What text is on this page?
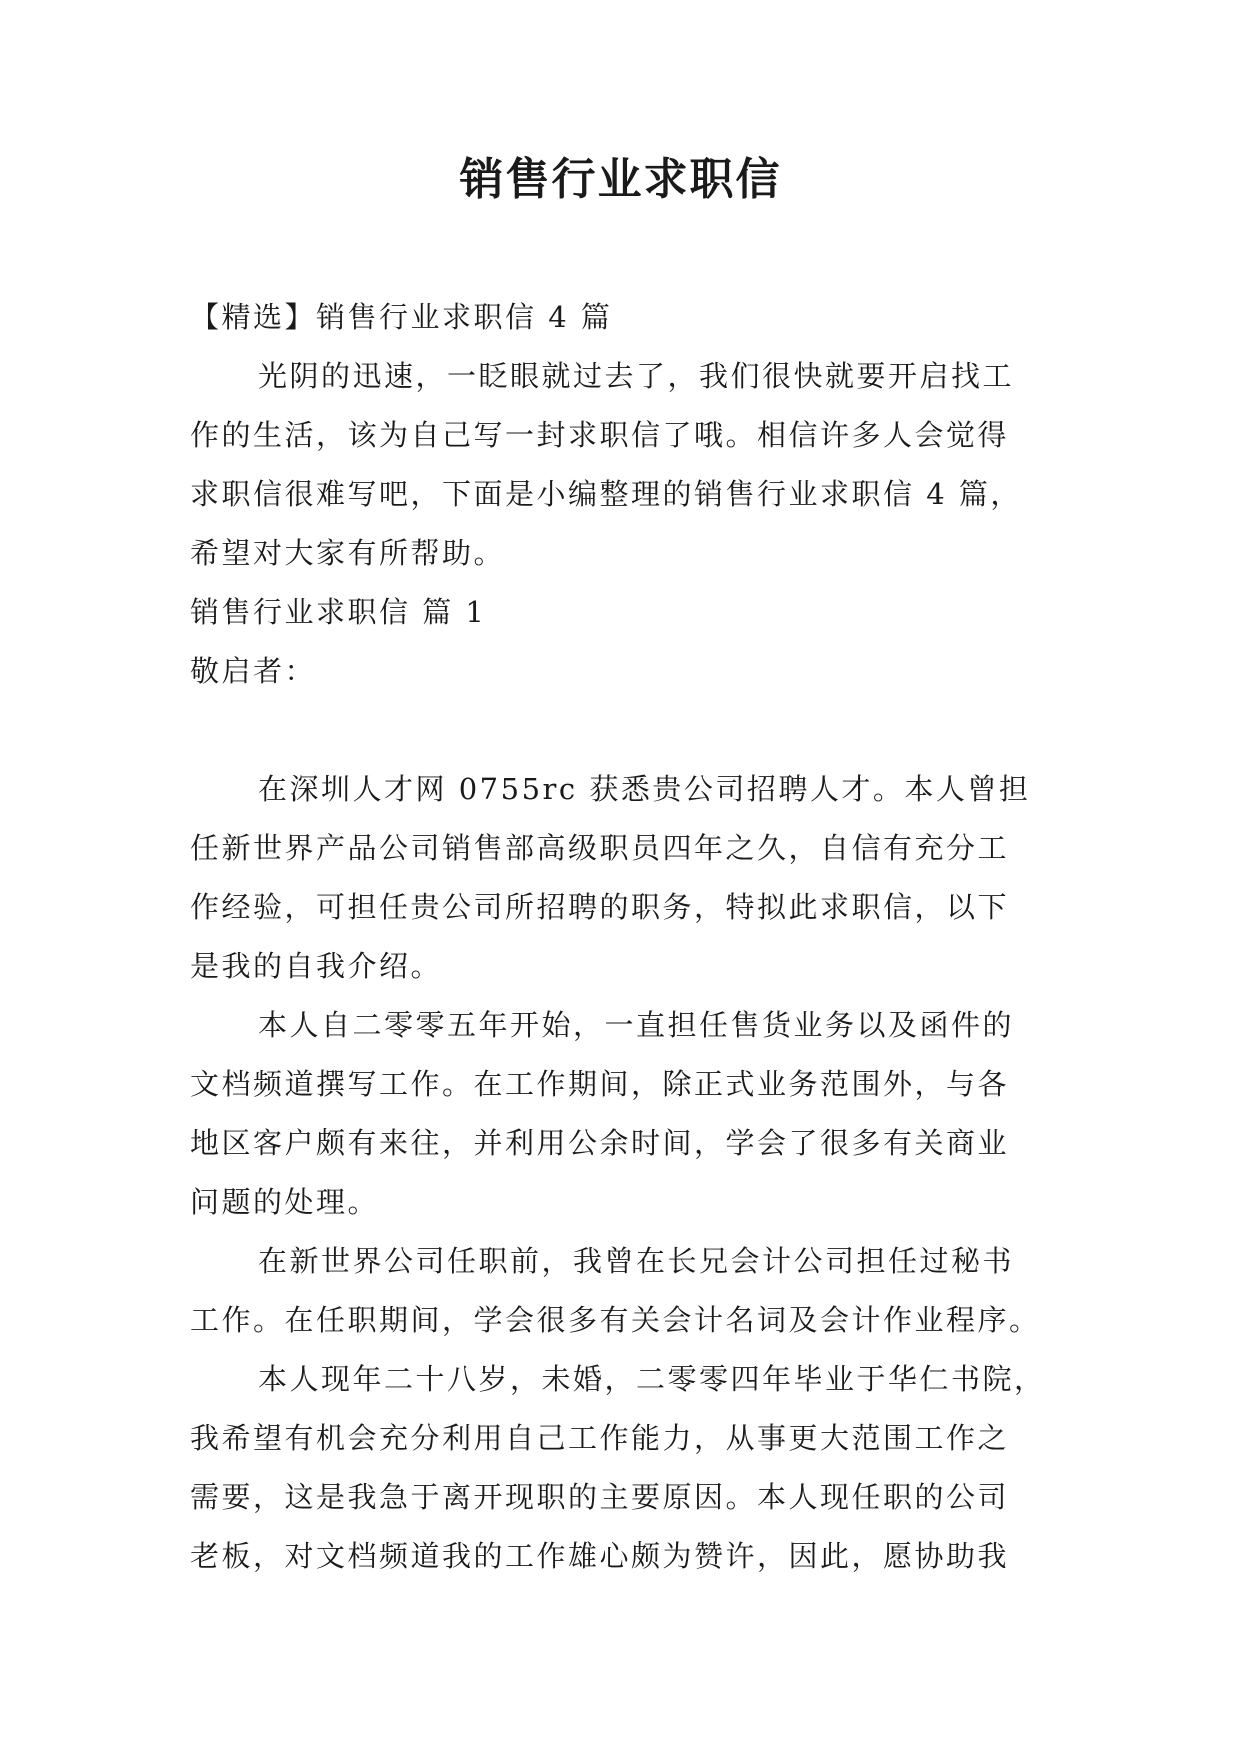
销售行业求职信
【精选】销售行业求职信 4 篇
光阴的迅速，一眨眼就过去了，我们很快就要开启找工
作的生活，该为自己写一封求职信了哦。相信许多人会觉得
求职信很难写吧，下面是小编整理的销售行业求职信 4 篇，
希望对大家有所帮助。
销售行业求职信 篇 1
敬启者：
在深圳人才网 0755rc 获悉贵公司招聘人才。本人曾担
任新世界产品公司销售部高级职员四年之久，自信有充分工
作经验，可担任贵公司所招聘的职务，特拟此求职信，以下
是我的自我介绍。
本人自二零零五年开始，一直担任售货业务以及函件的
文档频道撰写工作。在工作期间，除正式业务范围外，与各
地区客户颇有来往，并利用公余时间，学会了很多有关商业
问题的处理。
在新世界公司任职前，我曾在长兄会计公司担任过秘书
工作。在任职期间，学会很多有关会计名词及会计作业程序。
本人现年二十八岁，未婚，二零零四年毕业于华仁书院，
我希望有机会充分利用自己工作能力，从事更大范围工作之
需要，这是我急于离开现职的主要原因。本人现任职的公司
老板，对文档频道我的工作雄心颇为赞许，因此，愿协助我
